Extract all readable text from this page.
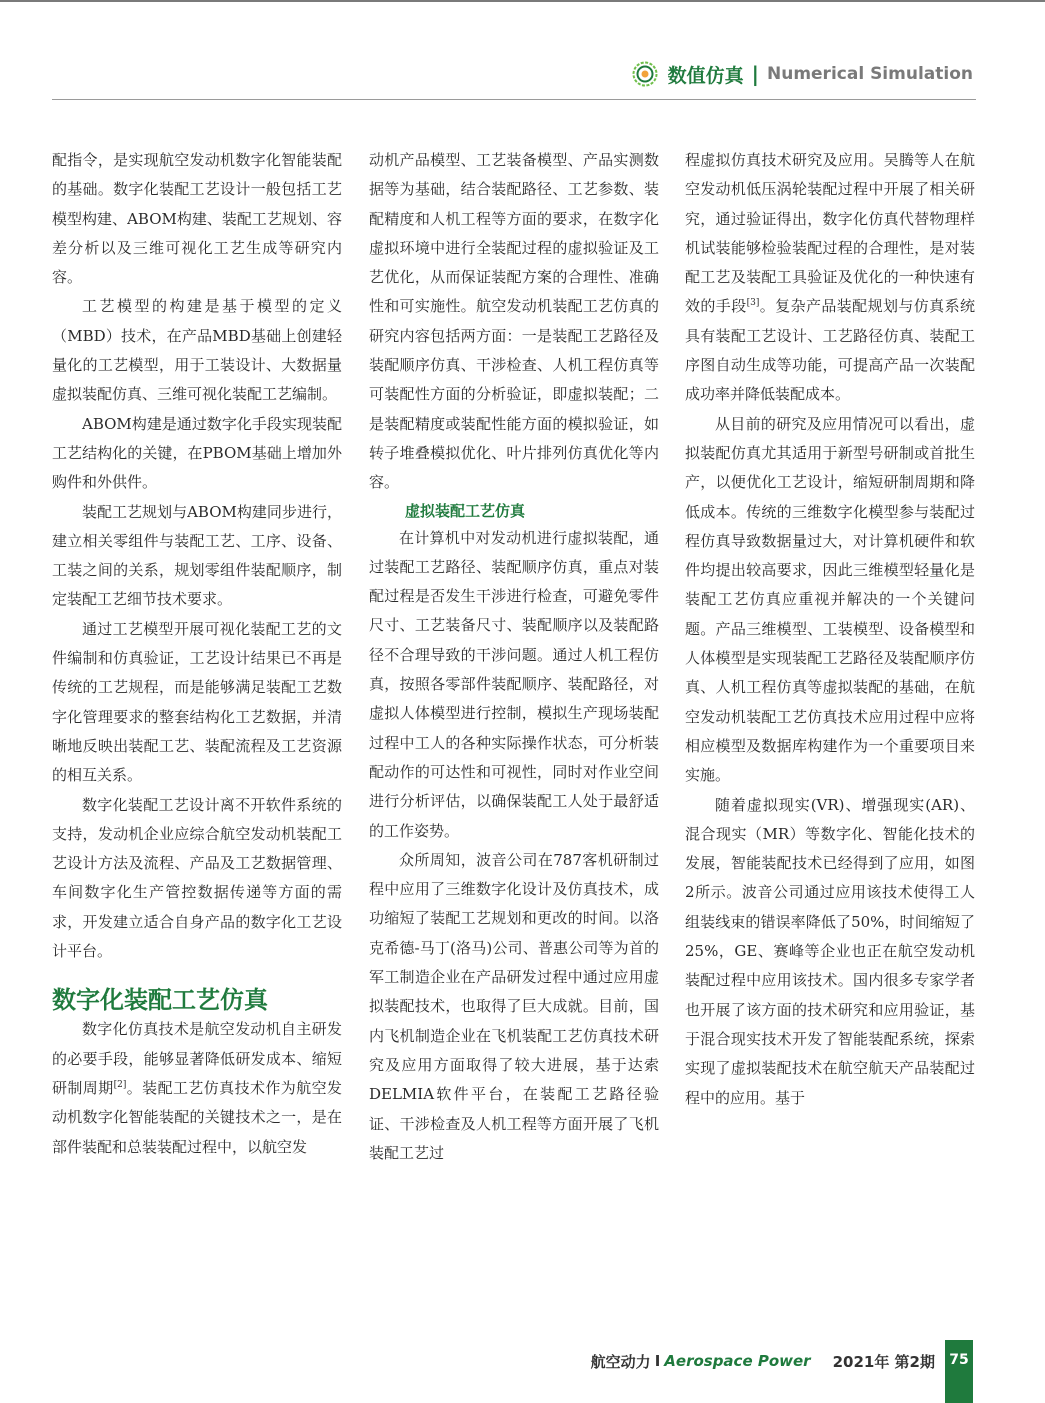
数值仿真 | Numerical Simulation

配指令，是实现航空发动机数字化智能装配的基础。数字化装配工艺设计一般包括工艺模型构建、ABOM构建、装配工艺规划、容差分析以及三维可视化工艺生成等研究内容。

工艺模型的构建是基于模型的定义（MBD）技术，在产品MBD基础上创建轻量化的工艺模型，用于工装设计、大数据量虚拟装配仿真、三维可视化装配工艺编制。

ABOM构建是通过数字化手段实现装配工艺结构化的关键，在PBOM基础上增加外购件和外供件。

装配工艺规划与ABOM构建同步进行，建立相关零组件与装配工艺、工序、设备、工装之间的关系，规划零组件装配顺序，制定装配工艺细节技术要求。

通过工艺模型开展可视化装配工艺的文件编制和仿真验证，工艺设计结果已不再是传统的工艺规程，而是能够满足装配工艺数字化管理要求的整套结构化工艺数据，并清晰地反映出装配工艺、装配流程及工艺资源的相互关系。

数字化装配工艺设计离不开软件系统的支持，发动机企业应综合航空发动机装配工艺设计方法及流程、产品及工艺数据管理、车间数字化生产管控数据传递等方面的需求，开发建立适合自身产品的数字化工艺设计平台。

数字化装配工艺仿真

数字化仿真技术是航空发动机自主研发的必要手段，能够显著降低研发成本、缩短研制周期[2]。装配工艺仿真技术作为航空发动机数字化智能装配的关键技术之一，是在部件装配和总装装配过程中，以航空发

动机产品模型、工艺装备模型、产品实测数据等为基础，结合装配路径、工艺参数、装配精度和人机工程等方面的要求，在数字化虚拟环境中进行全装配过程的虚拟验证及工艺优化，从而保证装配方案的合理性、准确性和可实施性。航空发动机装配工艺仿真的研究内容包括两方面：一是装配工艺路径及装配顺序仿真、干涉检查、人机工程仿真等可装配性方面的分析验证，即虚拟装配；二是装配精度或装配性能方面的模拟验证，如转子堆叠模拟优化、叶片排列仿真优化等内容。

虚拟装配工艺仿真

在计算机中对发动机进行虚拟装配，通过装配工艺路径、装配顺序仿真，重点对装配过程是否发生干涉进行检查，可避免零件尺寸、工艺装备尺寸、装配顺序以及装配路径不合理导致的干涉问题。通过人机工程仿真，按照各零部件装配顺序、装配路径，对虚拟人体模型进行控制，模拟生产现场装配过程中工人的各种实际操作状态，可分析装配动作的可达性和可视性，同时对作业空间进行分析评估，以确保装配工人处于最舒适的工作姿势。

众所周知，波音公司在787客机研制过程中应用了三维数字化设计及仿真技术，成功缩短了装配工艺规划和更改的时间。以洛克希德-马丁(洛马)公司、普惠公司等为首的军工制造企业在产品研发过程中通过应用虚拟装配技术，也取得了巨大成就。目前，国内飞机制造企业在飞机装配工艺仿真技术研究及应用方面取得了较大进展，基于达索DELMIA软件平台，在装配工艺路径验证、干涉检查及人机工程等方面开展了飞机装配工艺过

程虚拟仿真技术研究及应用。吴腾等人在航空发动机低压涡轮装配过程中开展了相关研究，通过验证得出，数字化仿真代替物理样机试装能够检验装配过程的合理性，是对装配工艺及装配工具验证及优化的一种快速有效的手段[3]。复杂产品装配规划与仿真系统具有装配工艺设计、工艺路径仿真、装配工序图自动生成等功能，可提高产品一次装配成功率并降低装配成本。

从目前的研究及应用情况可以看出，虚拟装配仿真尤其适用于新型号研制或首批生产，以便优化工艺设计，缩短研制周期和降低成本。传统的三维数字化模型参与装配过程仿真导致数据量过大，对计算机硬件和软件均提出较高要求，因此三维模型轻量化是装配工艺仿真应重视并解决的一个关键问题。产品三维模型、工装模型、设备模型和人体模型是实现装配工艺路径及装配顺序仿真、人机工程仿真等虚拟装配的基础，在航空发动机装配工艺仿真技术应用过程中应将相应模型及数据库构建作为一个重要项目来实施。

随着虚拟现实(VR)、增强现实(AR)、混合现实（MR）等数字化、智能化技术的发展，智能装配技术已经得到了应用，如图2所示。波音公司通过应用该技术使得工人组装线束的错误率降低了50%，时间缩短了25%，GE、赛峰等企业也正在航空发动机装配过程中应用该技术。国内很多专家学者也开展了该方面的技术研究和应用验证，基于混合现实技术开发了智能装配系统，探索实现了虚拟装配技术在航空航天产品装配过程中的应用。基于

航空动力 I Aerospace Power 2021年 第2期	75
